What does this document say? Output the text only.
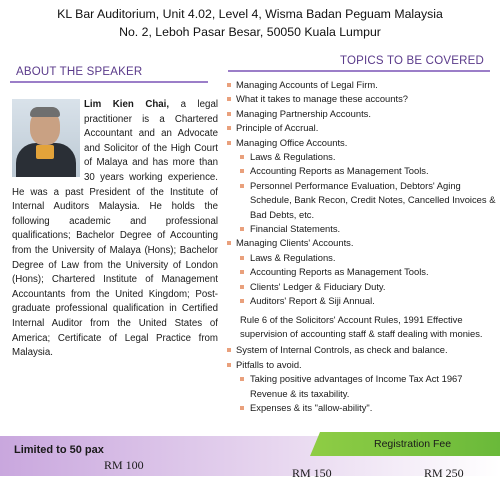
KL Bar Auditorium, Unit 4.02, Level 4, Wisma Badan Peguam Malaysia
No. 2, Leboh Pasar Besar, 50050 Kuala Lumpur
TOPICS TO BE COVERED
ABOUT THE SPEAKER
Lim Kien Chai, a legal practitioner is a Chartered Accountant and an Advocate and Solicitor of the High Court of Malaya and has more than 30 years working experience. He was a past President of the Institute of Internal Auditors Malaysia. He holds the following academic and professional qualifications; Bachelor Degree of Accounting from the University of Malaya (Hons); Bachelor Degree of Law from the University of London (Hons); Chartered Institute of Management Accountants from the United Kingdom; Post-graduate professional qualification in Certified Internal Auditor from the United States of America; Certificate of Legal Practice from Malaysia.
Managing Accounts of Legal Firm.
What it takes to manage these accounts?
Managing Partnership Accounts.
Principle of Accrual.
Managing Office Accounts.
Laws & Regulations.
Accounting Reports as Management Tools.
Personnel Performance Evaluation, Debtors' Aging Schedule, Bank Recon, Credit Notes, Cancelled Invoices & Bad Debts, etc.
Financial Statements.
Managing Clients' Accounts.
Laws & Regulations.
Accounting Reports as Management Tools.
Clients' Ledger & Fiduciary Duty.
Auditors' Report & Siji Annual.
Rule 6 of the Solicitors' Account Rules, 1991 Effective supervision of accounting staff & staff dealing with monies.
System of Internal Controls, as check and balance.
Pitfalls to avoid.
Taking positive advantages of Income Tax Act 1967 Revenue & its taxability.
Expenses & its "allow-ability".
Limited to 50 pax	Registration Fee
RM 100
RM 150	RM 250
